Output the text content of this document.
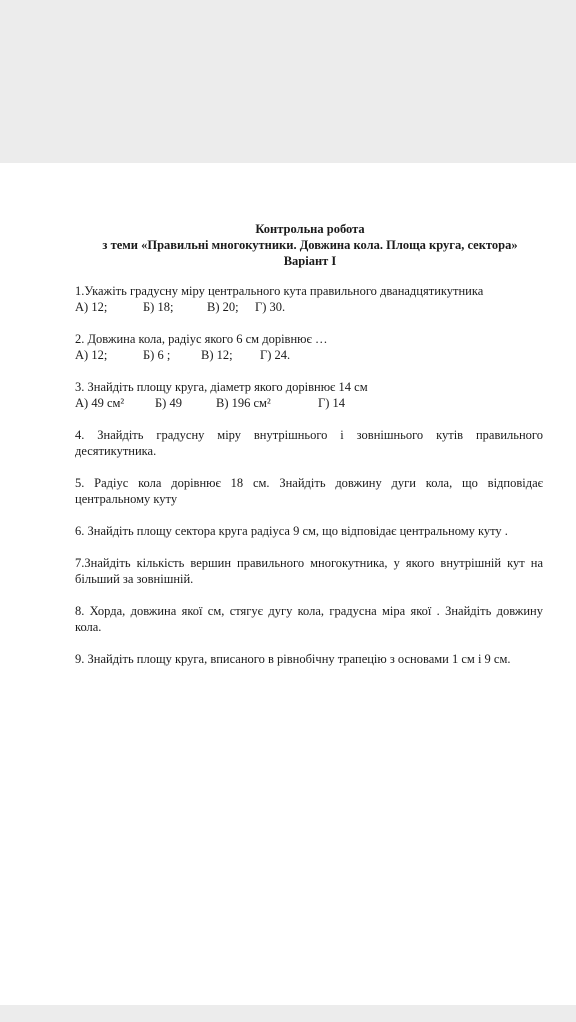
Контрольна робота
з теми «Правильні многокутники. Довжина кола. Площа круга, сектора»
Варіант І
1.Укажіть градусну міру центрального кута правильного дванадцятикутника
А) 12;	Б) 18;	В) 20;	Г) 30.
2. Довжина кола, радіус якого 6 см дорівнює …
А) 12;	Б) 6 ;	В) 12;	Г) 24.
3. Знайдіть площу круга, діаметр якого дорівнює 14 см
А) 49 см²	Б) 49	В) 196 см²	Г) 14
4. Знайдіть градусну міру внутрішнього і зовнішнього кутів правильного десятикутника.
5. Радіус кола дорівнює 18 см. Знайдіть довжину дуги кола, що відповідає центральному куту
6. Знайдіть площу сектора круга радіуса 9 см, що відповідає центральному куту .
7.Знайдіть кількість вершин правильного многокутника, у якого внутрішній кут на більший за зовнішній.
8. Хорда, довжина якої см, стягує дугу кола, градусна міра якої . Знайдіть довжину кола.
9. Знайдіть площу круга, вписаного в рівнобічну трапецію з основами 1 см і 9 см.
